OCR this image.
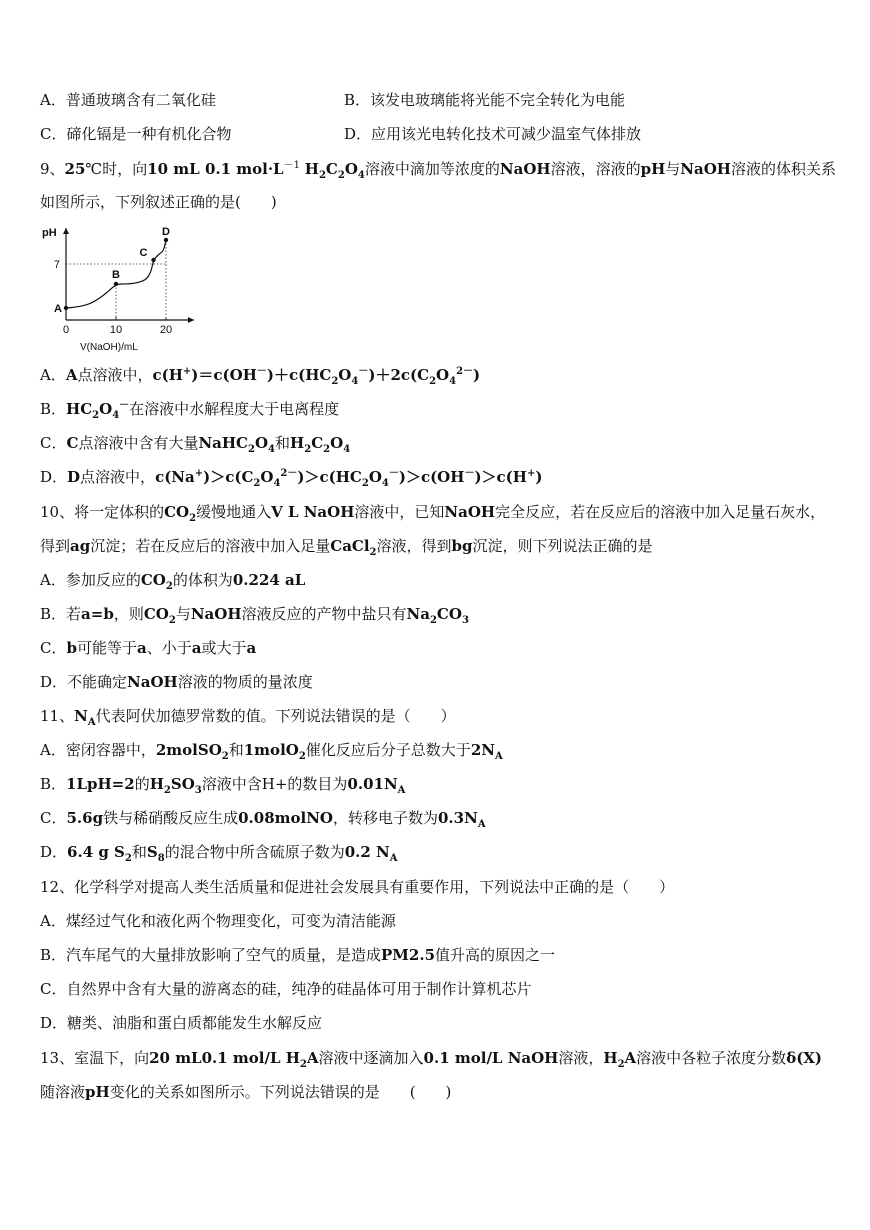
A．普通玻璃含有二氧化硅	B．该发电玻璃能将光能不完全转化为电能
C．碲化镉是一种有机化合物	D．应用该光电转化技术可减少温室气体排放
9、25℃时，向10 mL 0.1 $mol\cdot L^{-1}$ $H_2C_2O_4$溶液中滴加等浓度的NaOH溶液，溶液的pH与NaOH溶液的体积关系
如图所示，下列叙述正确的是(　　)
pH
V(NaOH)/mL
0	10	20
7
A
B
C
D
A．A点溶液中，$c(H^+)=c(OH^-)+c(HC_2O_4^-)+2c(C_2O_4^{2-})$
B．$HC_2O_4^-$在溶液中水解程度大于电离程度
C．C点溶液中含有大量$NaHC_2O_4$和$H_2C_2O_4$
D．D点溶液中，$c(Na^+)>c(C_2O_4^{2-})>c(HC_2O_4^-)>c(OH^-)>c(H^+)$
10、将一定体积的$CO_2$缓慢地通入V L NaOH溶液中，已知NaOH完全反应，若在反应后的溶液中加入足量石灰水，
得到ag沉淀；若在反应后的溶液中加入足量CaCl$_2$溶液，得到bg沉淀，则下列说法正确的是
A．参加反应的$CO_2$的体积为0.224 aL
B．若a=b，则$CO_2$与NaOH溶液反应的产物中盐只有$Na_2CO_3$
C．b可能等于a、小于a或大于a
D．不能确定NaOH溶液的物质的量浓度
11、$N_A$代表阿伏加德罗常数的值。下列说法错误的是（　　）
A．密闭容器中，2molSO$_2$和1molO$_2$催化反应后分子总数大于$2N_A$
B．1LpH=2的$H_2SO_3$溶液中含H+的数目为$0.01N_A$
C．5.6g铁与稀硝酸反应生成0.08molNO，转移电子数为$0.3N_A$
D．6.4 g $S_2$和$S_8$的混合物中所含硫原子数为0.2 $N_A$
12、化学科学对提高人类生活质量和促进社会发展具有重要作用，下列说法中正确的是（　　）
A．煤经过气化和液化两个物理变化，可变为清洁能源
B．汽车尾气的大量排放影响了空气的质量，是造成PM2.5值升高的原因之一
C．自然界中含有大量的游离态的硅，纯净的硅晶体可用于制作计算机芯片
D．糖类、油脂和蛋白质都能发生水解反应
13、室温下，向20 mL0.1 mol/L $H_2A$溶液中逐滴加入0.1 mol/L NaOH溶液，$H_2A$溶液中各粒子浓度分数δ(X)
随溶液pH变化的关系如图所示。下列说法错误的是　　(　　)
